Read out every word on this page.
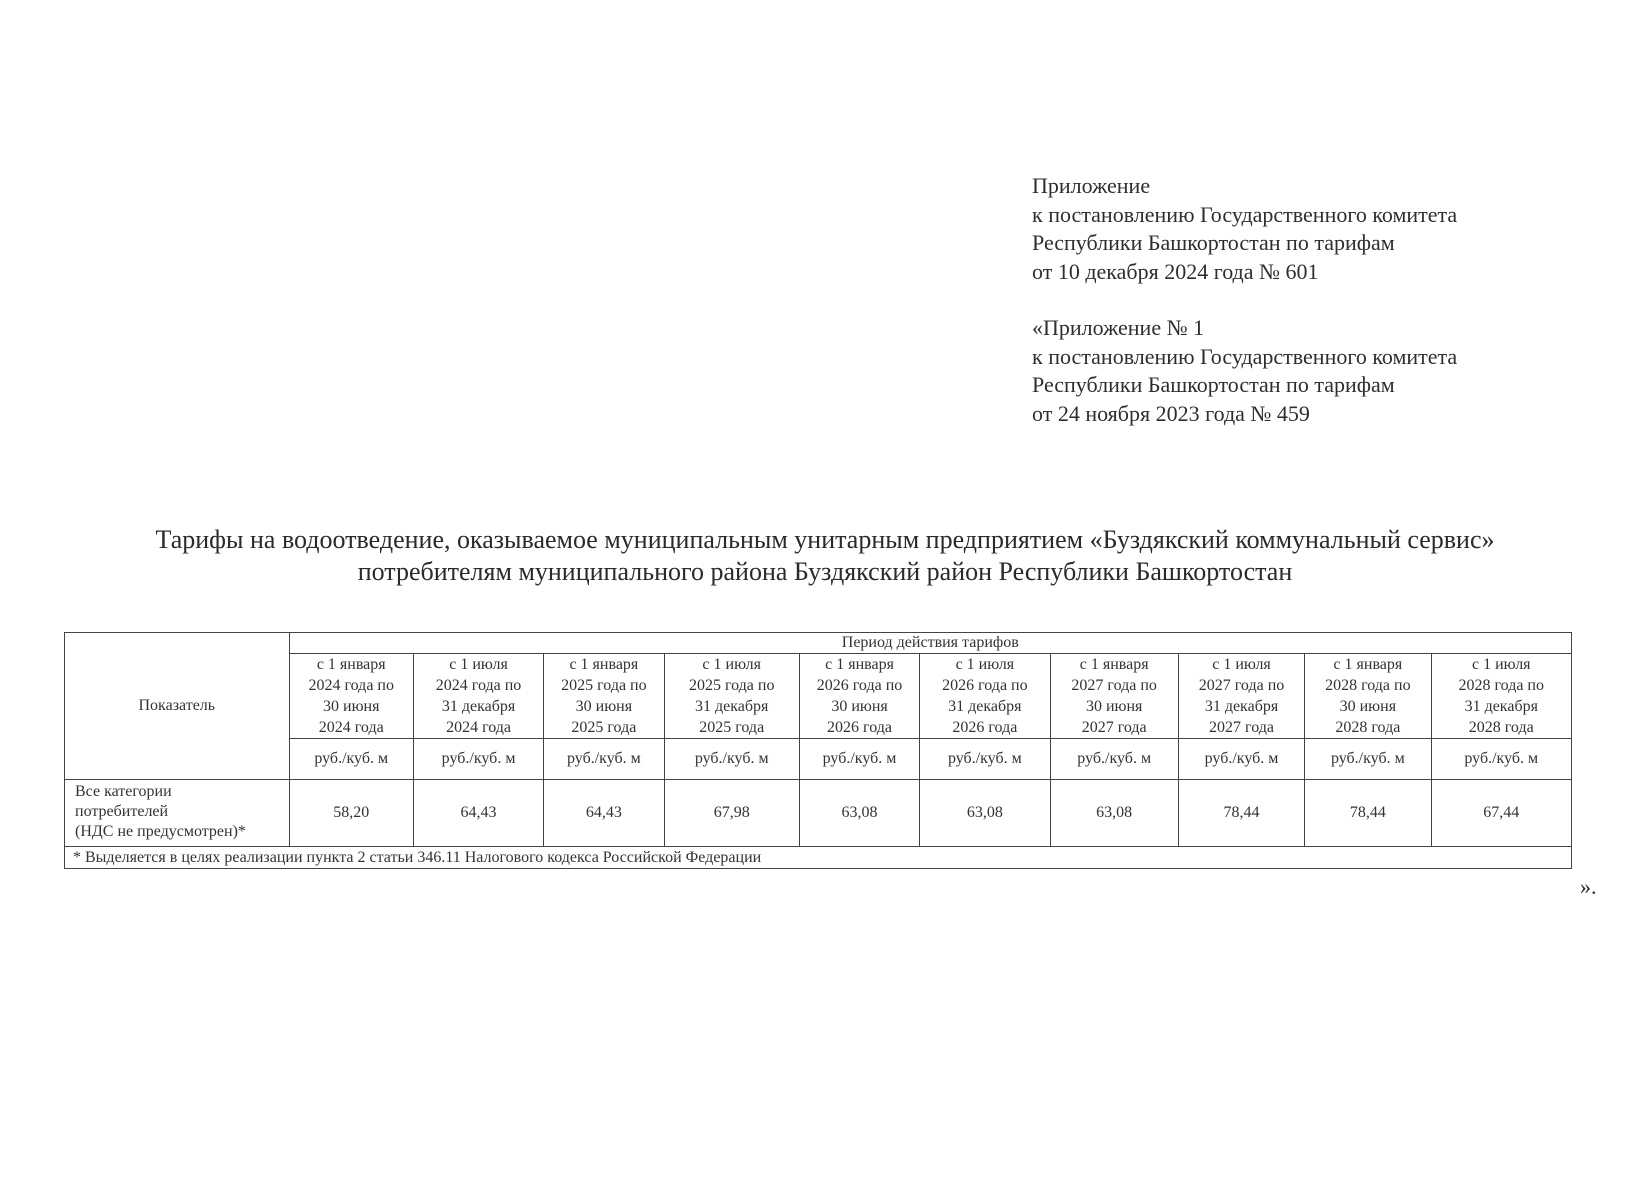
Приложение
к постановлению Государственного комитета
Республики Башкортостан по тарифам
от 10 декабря 2024 года № 601
«Приложение № 1
к постановлению Государственного комитета
Республики Башкортостан по тарифам
от 24 ноября 2023 года № 459
Тарифы на водоотведение, оказываемое муниципальным унитарным предприятием «Буздякский коммунальный сервис»
потребителям муниципального района Буздякский район Республики Башкортостан
Показатель	Период действия тарифов									

	с 1 января
2024 года по
30 июня
2024 года	с 1 июля
2024 года по
31 декабря
2024 года	с 1 января
2025 года по
30 июня
2025 года	с 1 июля
2025 года по
31 декабря
2025 года	с 1 января
2026 года по
30 июня
2026 года	с 1 июля
2026 года по
31 декабря
2026 года	с 1 января
2027 года по
30 июня
2027 года	с 1 июля
2027 года по
31 декабря
2027 года	с 1 января
2028 года по
30 июня
2028 года	с 1 июля
2028 года по
31 декабря
2028 года

	руб./куб. м	руб./куб. м	руб./куб. м	руб./куб. м	руб./куб. м	руб./куб. м	руб./куб. м	руб./куб. м	руб./куб. м	руб./куб. м

Все категории
потребителей
(НДС не предусмотрен)*	58,20	64,43	64,43	67,98	63,08	63,08	63,08	78,44	78,44	67,44
* Выделяется в целях реализации пункта 2 статьи 346.11 Налогового кодекса Российской Федерации										
».
